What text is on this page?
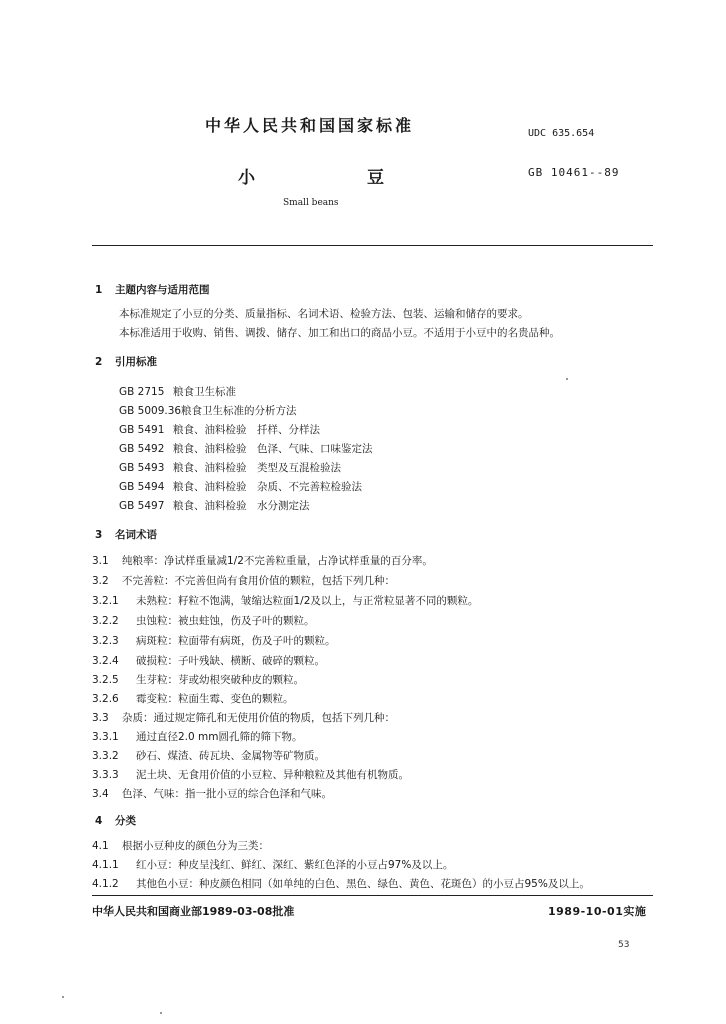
中华人民共和国国家标准	UDC 635.654
小	豆	GB 10461--89
Small beans
1 主题内容与适用范围
本标准规定了小豆的分类、质量指标、名词术语、检验方法、包装、运输和储存的要求。
本标准适用于收购、销售、调拨、储存、加工和出口的商品小豆。不适用于小豆中的名贵品种。
2 引用标准
GB 2715 粮食卫生标准
GB 5009.36粮食卫生标准的分析方法
GB 5491 粮食、油料检验　扦样、分样法
GB 5492 粮食、油料检验　色泽、气味、口味鉴定法
GB 5493 粮食、油料检验　类型及互混检验法
GB 5494 粮食、油料检验　杂质、不完善粒检验法
GB 5497 粮食、油料检验　水分测定法
3 名词术语
3.1 纯粮率：净试样重量减1/2不完善粒重量，占净试样重量的百分率。
3.2 不完善粒：不完善但尚有食用价值的颗粒，包括下列几种：
3.2.1 未熟粒：籽粒不饱满，皱缩达粒面1/2及以上，与正常粒显著不同的颗粒。
3.2.2 虫蚀粒：被虫蛀蚀，伤及子叶的颗粒。
3.2.3 病斑粒：粒面带有病斑，伤及子叶的颗粒。
3.2.4 破损粒：子叶残缺、横断、破碎的颗粒。
3.2.5 生芽粒：芽或幼根突破种皮的颗粒。
3.2.6 霉变粒：粒面生霉、变色的颗粒。
3.3 杂质：通过规定筛孔和无使用价值的物质，包括下列几种：
3.3.1 通过直径2.0 mm圆孔筛的筛下物。
3.3.2 砂石、煤渣、砖瓦块、金属物等矿物质。
3.3.3 泥土块、无食用价值的小豆粒、异种粮粒及其他有机物质。
3.4 色泽、气味：指一批小豆的综合色泽和气味。
4 分类
4.1 根据小豆种皮的颜色分为三类：
4.1.1 红小豆：种皮呈浅红、鲜红、深红、紫红色泽的小豆占97%及以上。
4.1.2 其他色小豆：种皮颜色相同（如单纯的白色、黑色、绿色、黄色、花斑色）的小豆占95%及以上。
中华人民共和国商业部1989-03-08批准	1989-10-01实施
53
